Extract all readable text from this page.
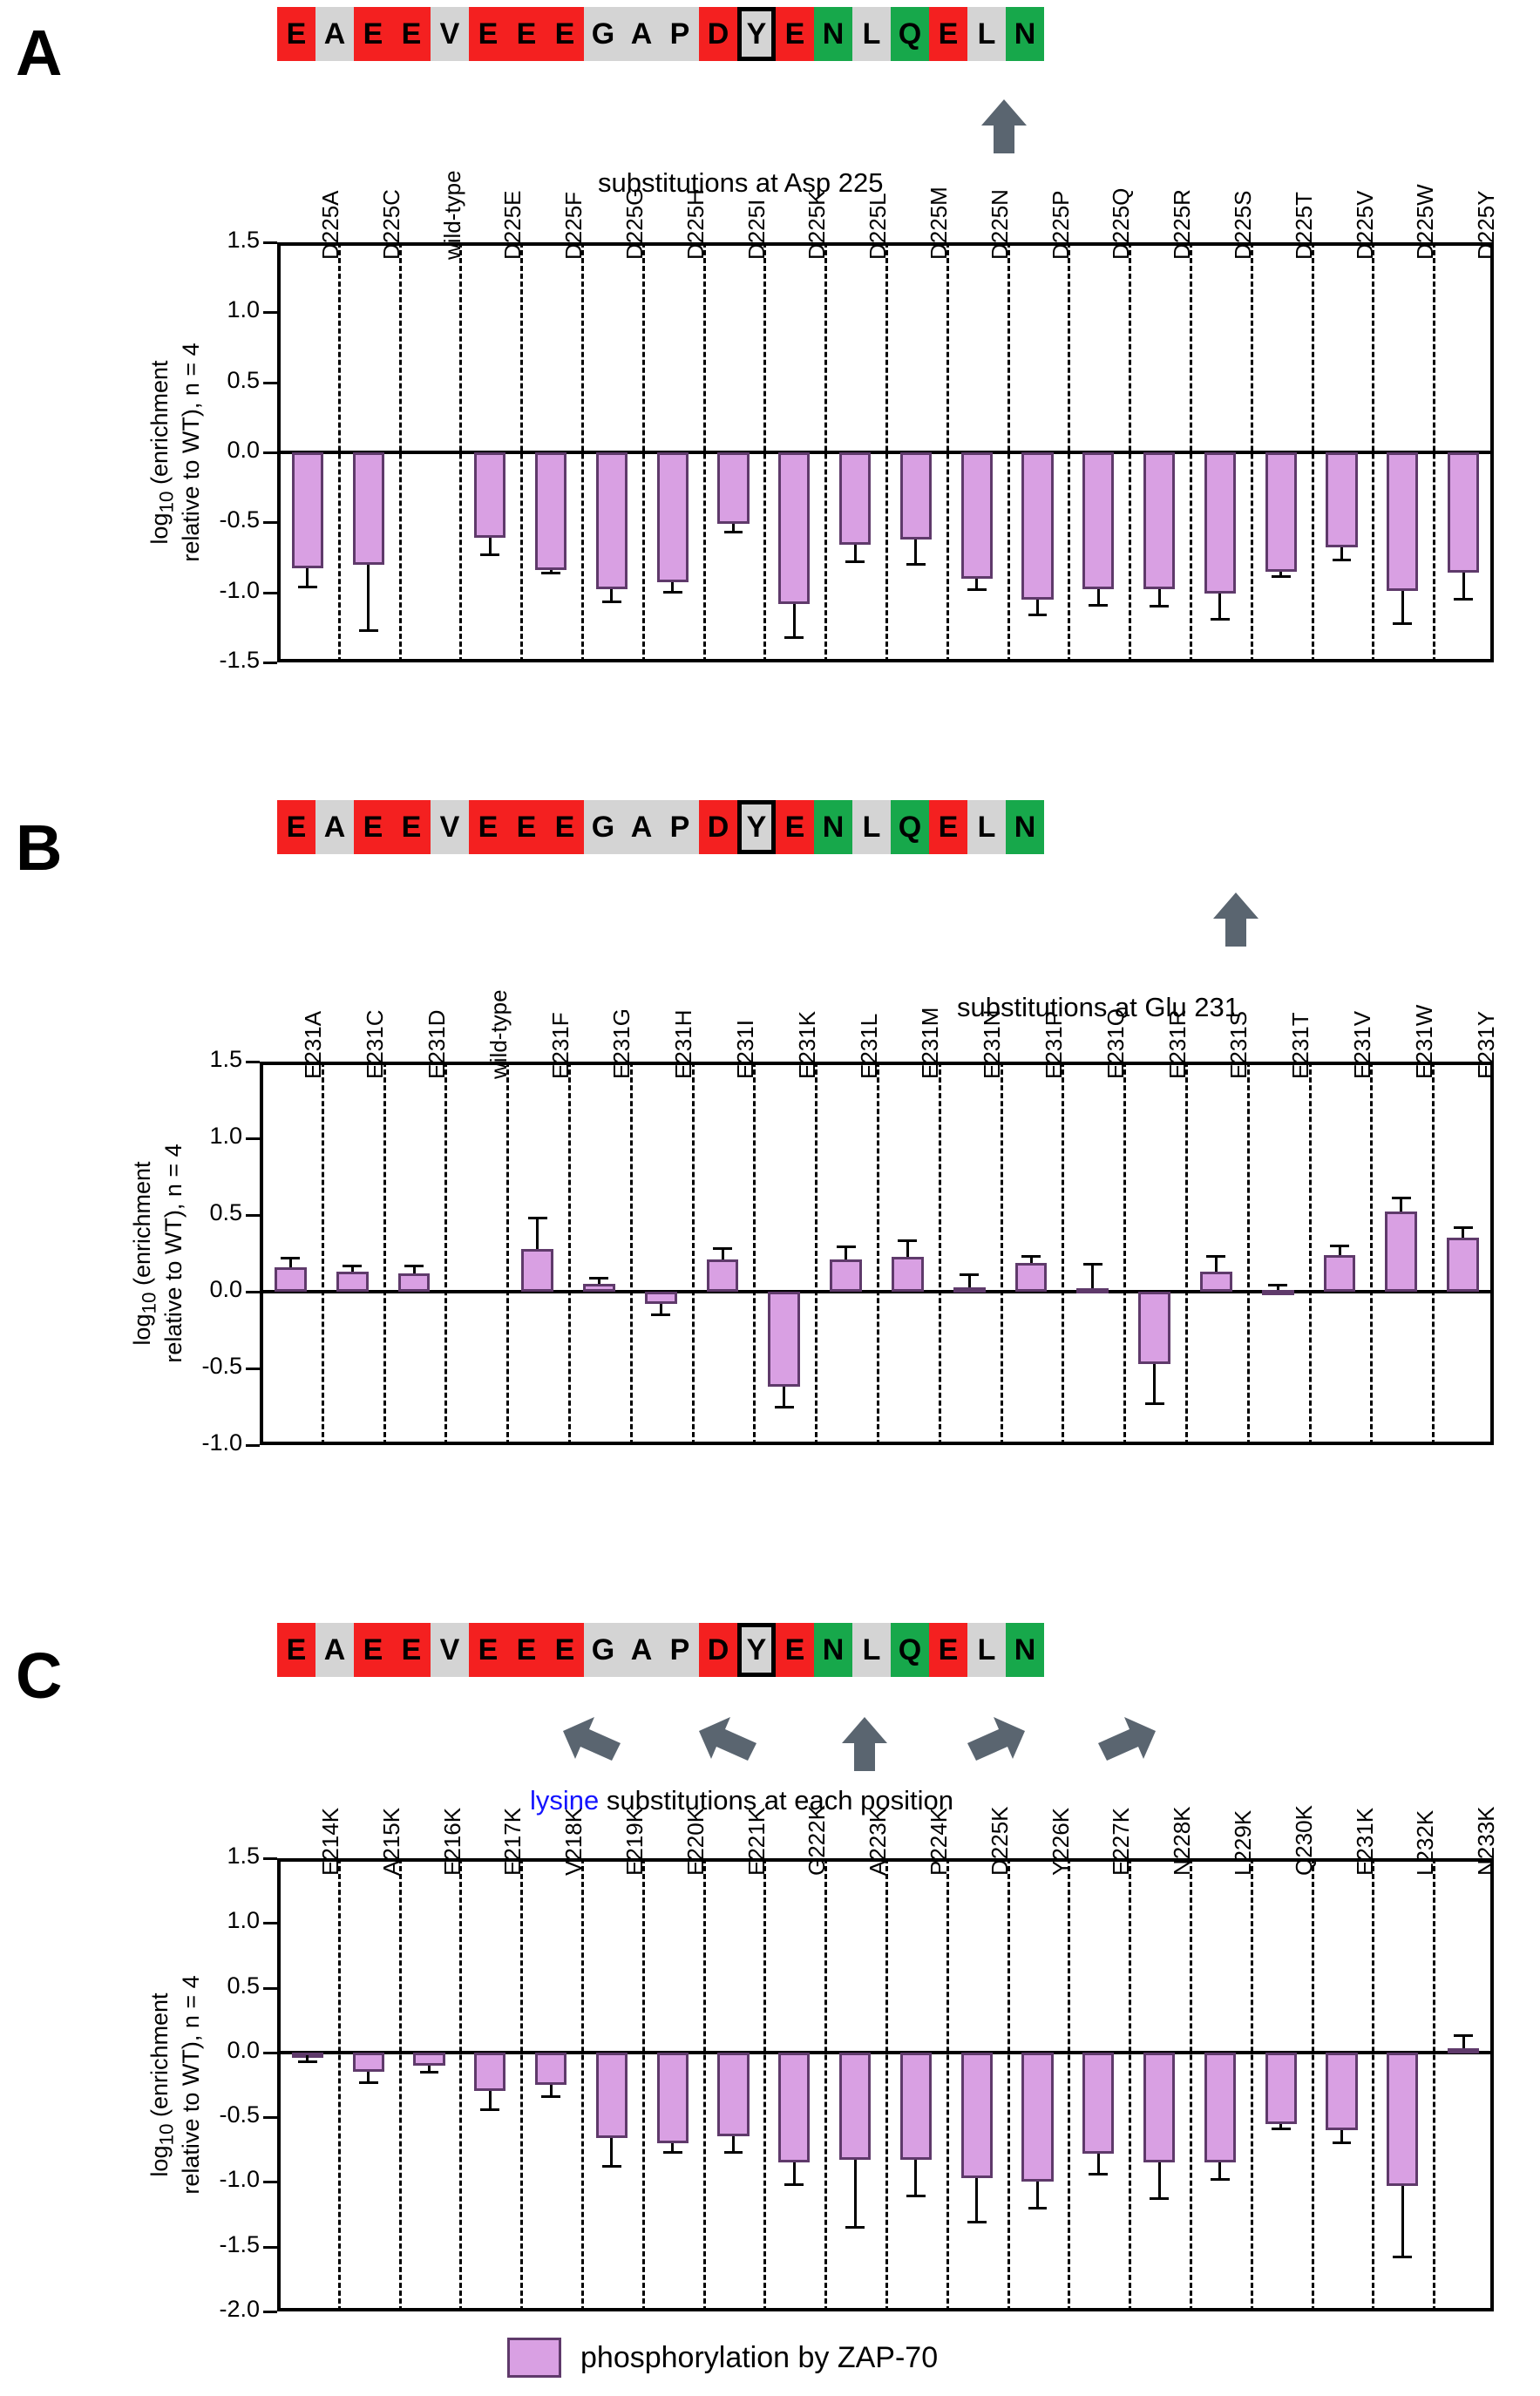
A	E A E E V E E E G A P D Y E N L Q E L N
substitutions at Asp 225
1.5
1.0
0.5
0.0
-0.5
-1.0
-1.5
$\log_{10}$ (enrichment relative to WT), n = 4
D225A D225C wild-type D225E D225F D225G D225H D225I D225K D225L D225M D225N D225P D225Q D225R D225S D225T D225V D225W D225Y
B	E A E E V E E E G A P D Y E N L Q E L N
substitutions at Glu 231
1.5
1.0
0.5
0.0
-0.5
-1.0
$\log_{10}$ (enrichment relative to WT), n = 4
E231A E231C E231D wild-type E231F E231G E231H E231I E231K E231L E231M E231N E231P E231Q E231R E231S E231T E231V E231W E231Y
C	E A E E V E E E G A P D Y E N L Q E L N
lysine substitutions at each position
1.5
1.0
0.5
0.0
-0.5
-1.0
-1.5
-2.0
$\log_{10}$ (enrichment relative to WT), n = 4
E214K A215K E216K E217K V218K E219K E220K E221K G222K A223K P224K D225K Y226K E227K N228K L229K Q230K E231K L232K N233K
phosphorylation by ZAP-70
